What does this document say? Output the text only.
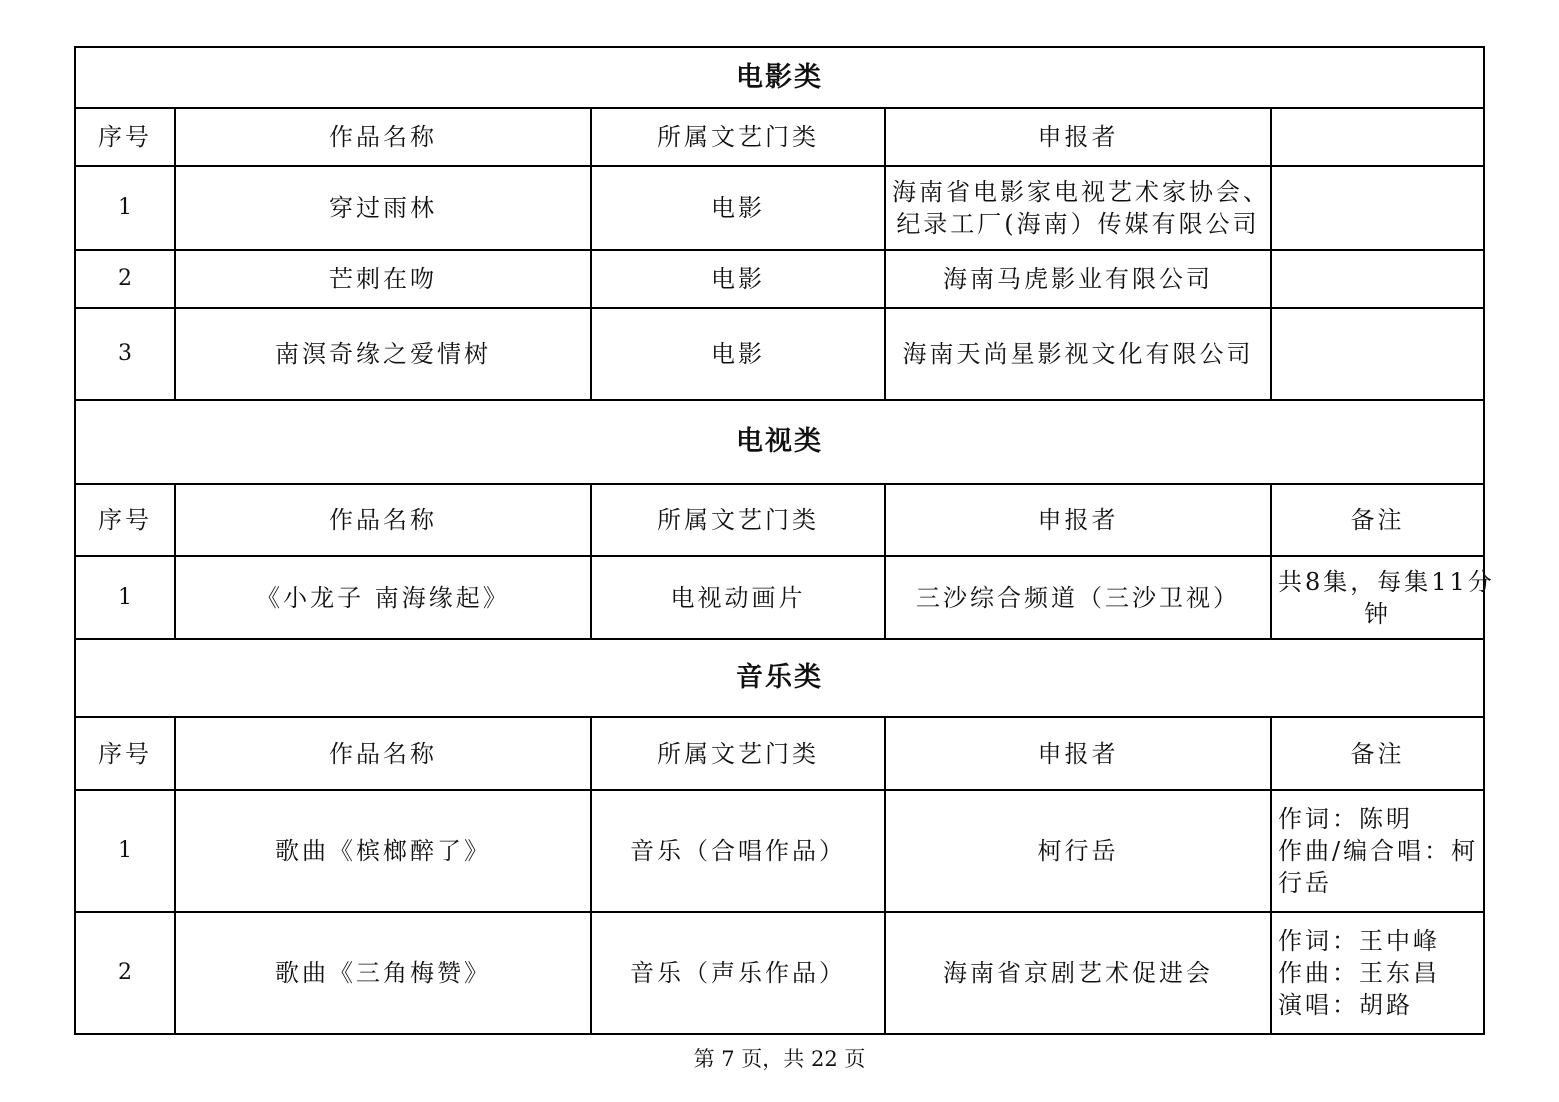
电影类				
序号	作品名称	所属文艺门类	申报者	
1	穿过雨林	电影	海南省电影家电视艺术家协会、
纪录工厂(海南）传媒有限公司	

2	芒刺在吻	电影	海南马虎影业有限公司	
3	南溟奇缘之爱情树	电影	海南天尚星影视文化有限公司	
电视类				
序号	作品名称	所属文艺门类	申报者	备注
1	《小龙子 南海缘起》	电视动画片	三沙综合频道（三沙卫视）	共8集，每集11分
钟

音乐类				
序号	作品名称	所属文艺门类	申报者	备注
1	歌曲《槟榔醉了》	音乐（合唱作品）	柯行岳	作词：陈明
作曲/编合唱：柯
行岳

2	歌曲《三角梅赞》	音乐（声乐作品）	海南省京剧艺术促进会	作词：王中峰
作曲：王东昌
演唱：胡路
第 7 页，共 22 页
